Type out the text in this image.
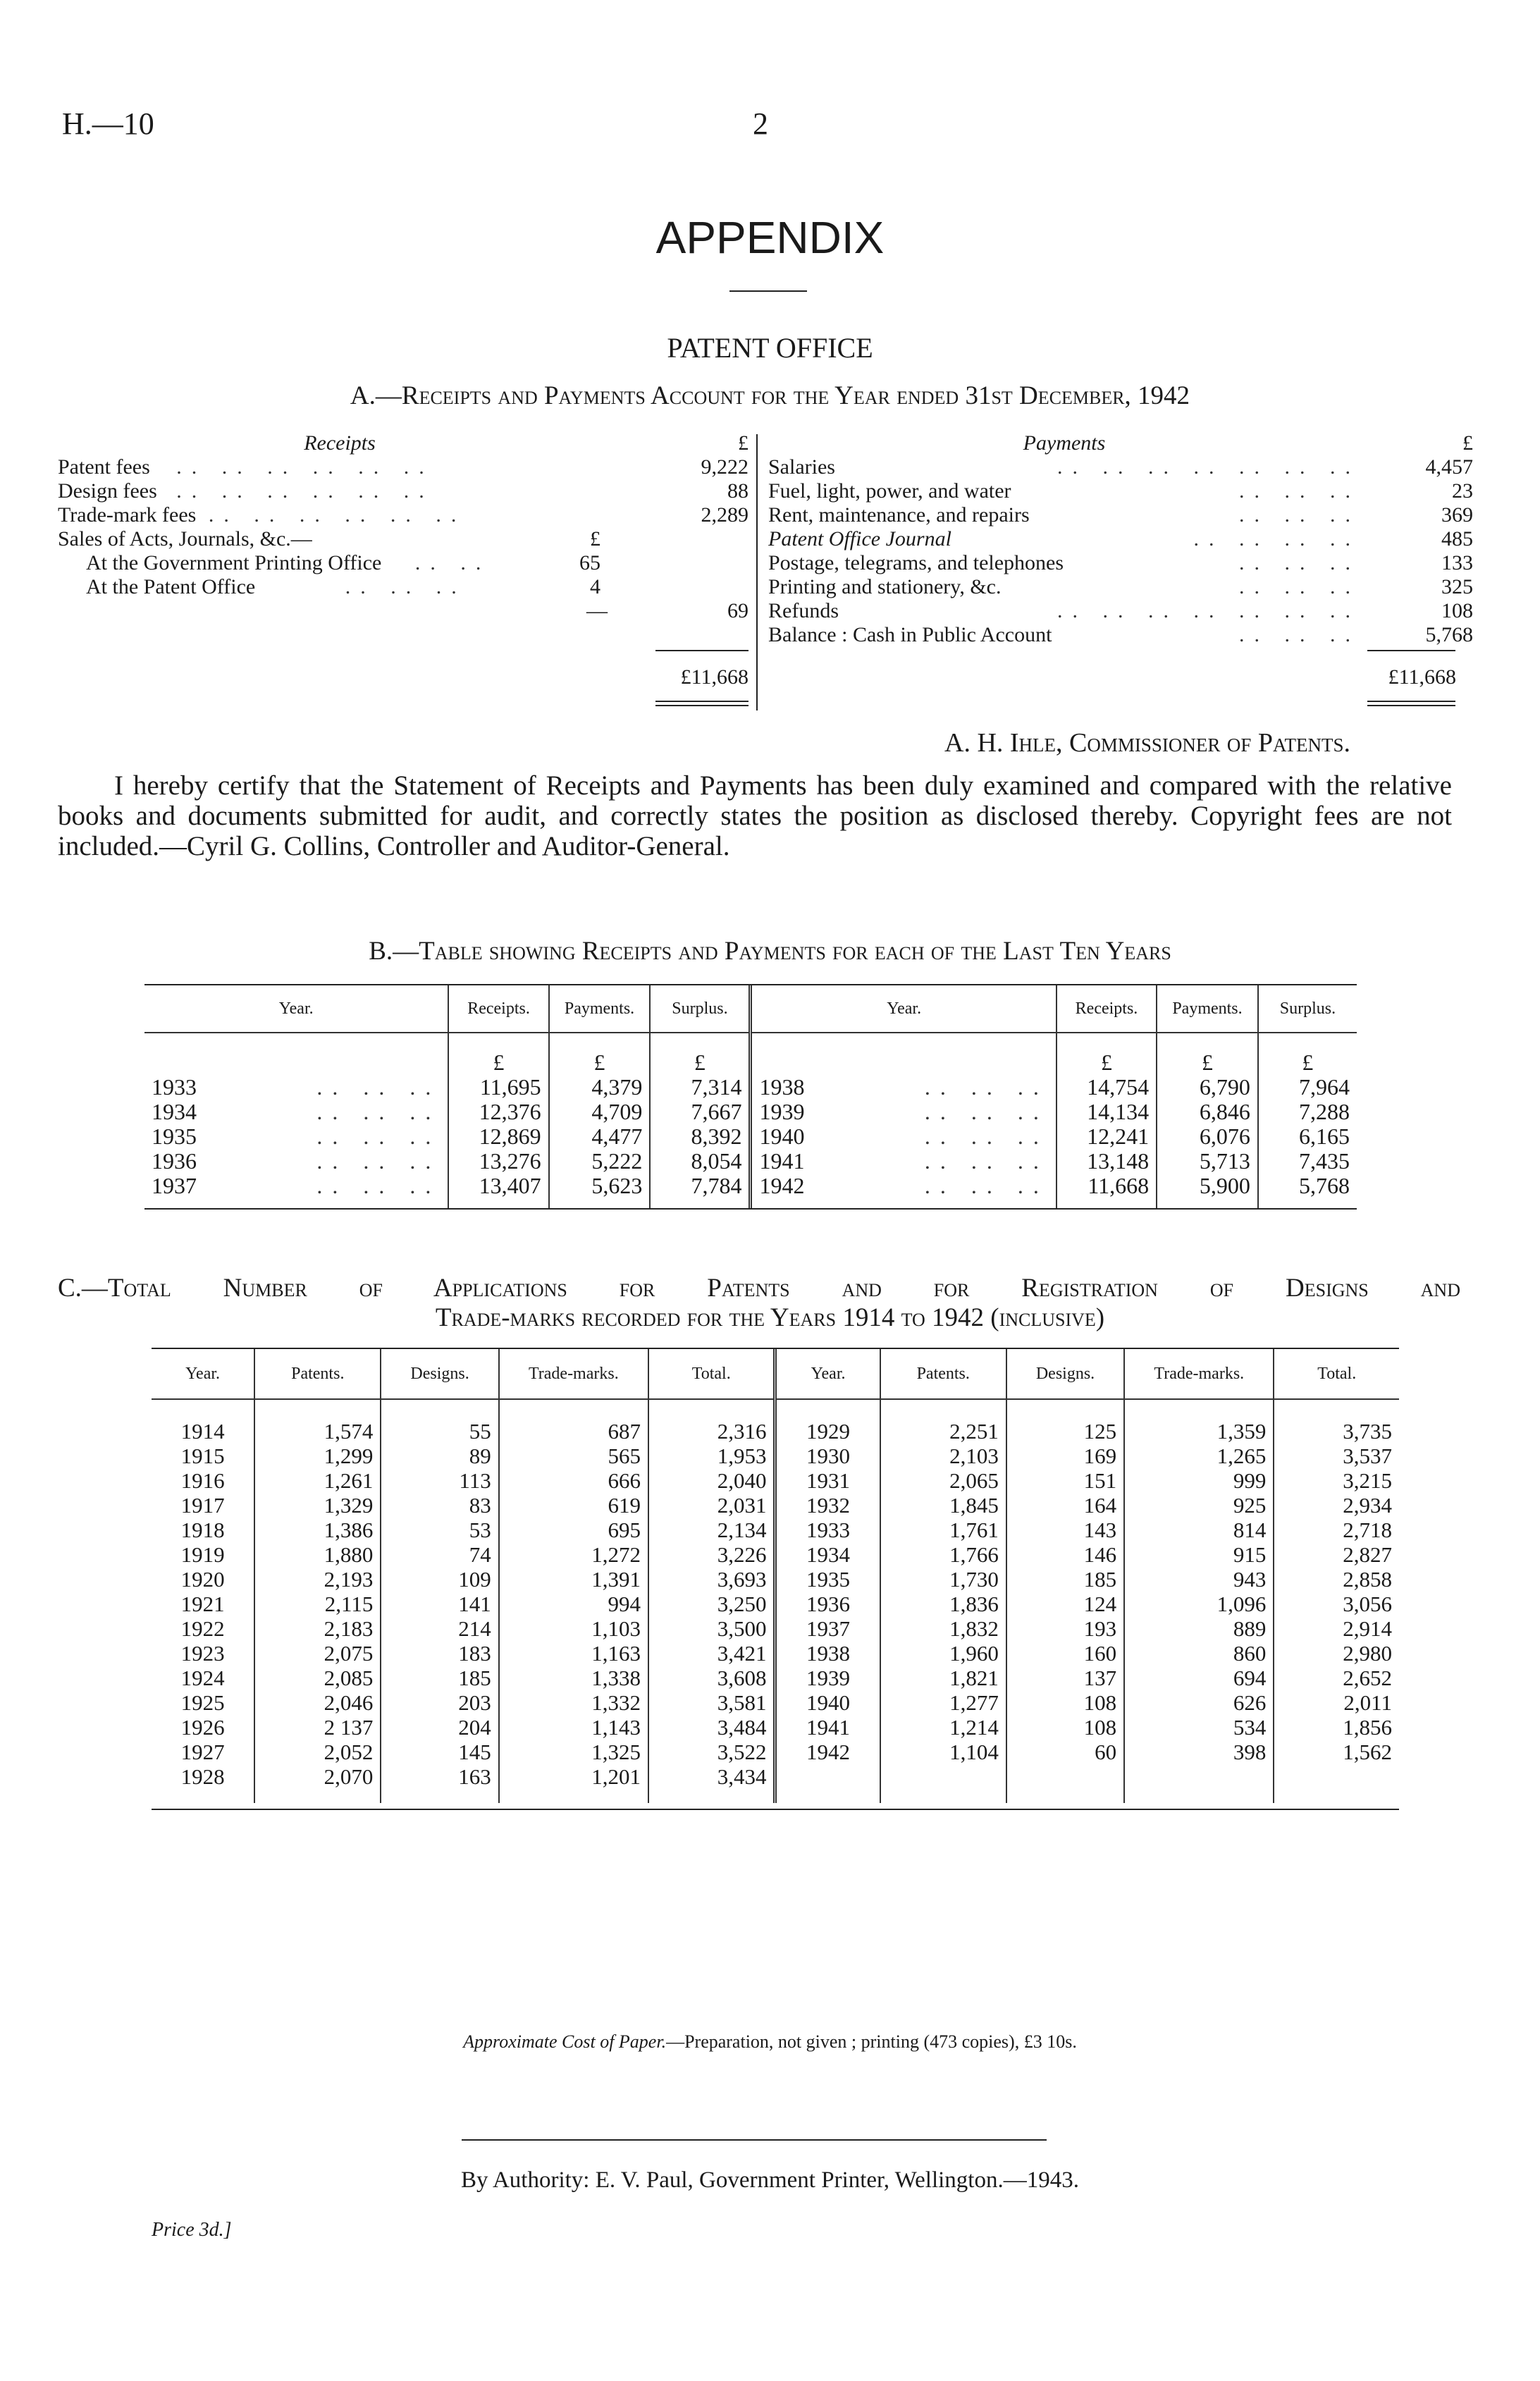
H.—10	2
APPENDIX
PATENT OFFICE
A.—Receipts and Payments Account for the Year ended 31st December, 1942
Receipts	£
Patent fees .. .. .. .. .. ..	9,222
Design fees .. .. .. .. .. ..	88
Trade-mark fees .. .. .. .. .. ..	2,289
Sales of Acts, Journals, &c.— £	

At the Government Printing Office .. .. 65	

At the Patent Office .. .. .. 4	

—	69
£11,668
Payments	£
Salaries .. .. .. .. .. .. ..	4,457
Fuel, light, power, and water .. .. ..	23
Rent, maintenance, and repairs .. .. ..	369
Patent Office Journal .. .. .. ..	485
Postage, telegrams, and telephones .. .. ..	133
Printing and stationery, &c. .. .. ..	325
Refunds .. .. .. .. .. .. ..	108
Balance : Cash in Public Account .. .. ..	5,768
£11,668
A. H. Ihle, Commissioner of Patents.
I hereby certify that the Statement of Receipts and Payments has been duly examined and compared with the relative books and documents submitted for audit, and correctly states the position as disclosed thereby. Copyright fees are not included.—Cyril G. Collins, Controller and Auditor-General.
B.—Table showing Receipts and Payments for each of the Last Ten Years
Year.	Receipts.	Payments.	Surplus.	Year.	Receipts.	Payments.	Surplus.
	£	£	£		£	£	£
1933 .. .. ..	11,695	4,379	7,314	1938 .. .. ..	14,754	6,790	7,964
1934 .. .. ..	12,376	4,709	7,667	1939 .. .. ..	14,134	6,846	7,288
1935 .. .. ..	12,869	4,477	8,392	1940 .. .. ..	12,241	6,076	6,165
1936 .. .. ..	13,276	5,222	8,054	1941 .. .. ..	13,148	5,713	7,435
1937 .. .. ..	13,407	5,623	7,784	1942 .. .. ..	11,668	5,900	5,768

C.—Total Number of Applications for Patents and for Registration of Designs and
Trade-marks recorded for the Years 1914 to 1942 (inclusive)
Year.	Patents.	Designs.	Trade-marks.	Total.	Year.	Patents.	Designs.	Trade-marks.	Total.

1914	1,574	55	687	2,316	1929	2,251	125	1,359	3,735
1915	1,299	89	565	1,953	1930	2,103	169	1,265	3,537
1916	1,261	113	666	2,040	1931	2,065	151	999	3,215
1917	1,329	83	619	2,031	1932	1,845	164	925	2,934
1918	1,386	53	695	2,134	1933	1,761	143	814	2,718
1919	1,880	74	1,272	3,226	1934	1,766	146	915	2,827
1920	2,193	109	1,391	3,693	1935	1,730	185	943	2,858
1921	2,115	141	994	3,250	1936	1,836	124	1,096	3,056
1922	2,183	214	1,103	3,500	1937	1,832	193	889	2,914
1923	2,075	183	1,163	3,421	1938	1,960	160	860	2,980
1924	2,085	185	1,338	3,608	1939	1,821	137	694	2,652
1925	2,046	203	1,332	3,581	1940	1,277	108	626	2,011
1926	2 137	204	1,143	3,484	1941	1,214	108	534	1,856
1927	2,052	145	1,325	3,522	1942	1,104	60	398	1,562
1928	2,070	163	1,201	3,434					

Approximate Cost of Paper.—Preparation, not given ; printing (473 copies), £3 10s.
By Authority: E. V. Paul, Government Printer, Wellington.—1943.
Price 3d.]
